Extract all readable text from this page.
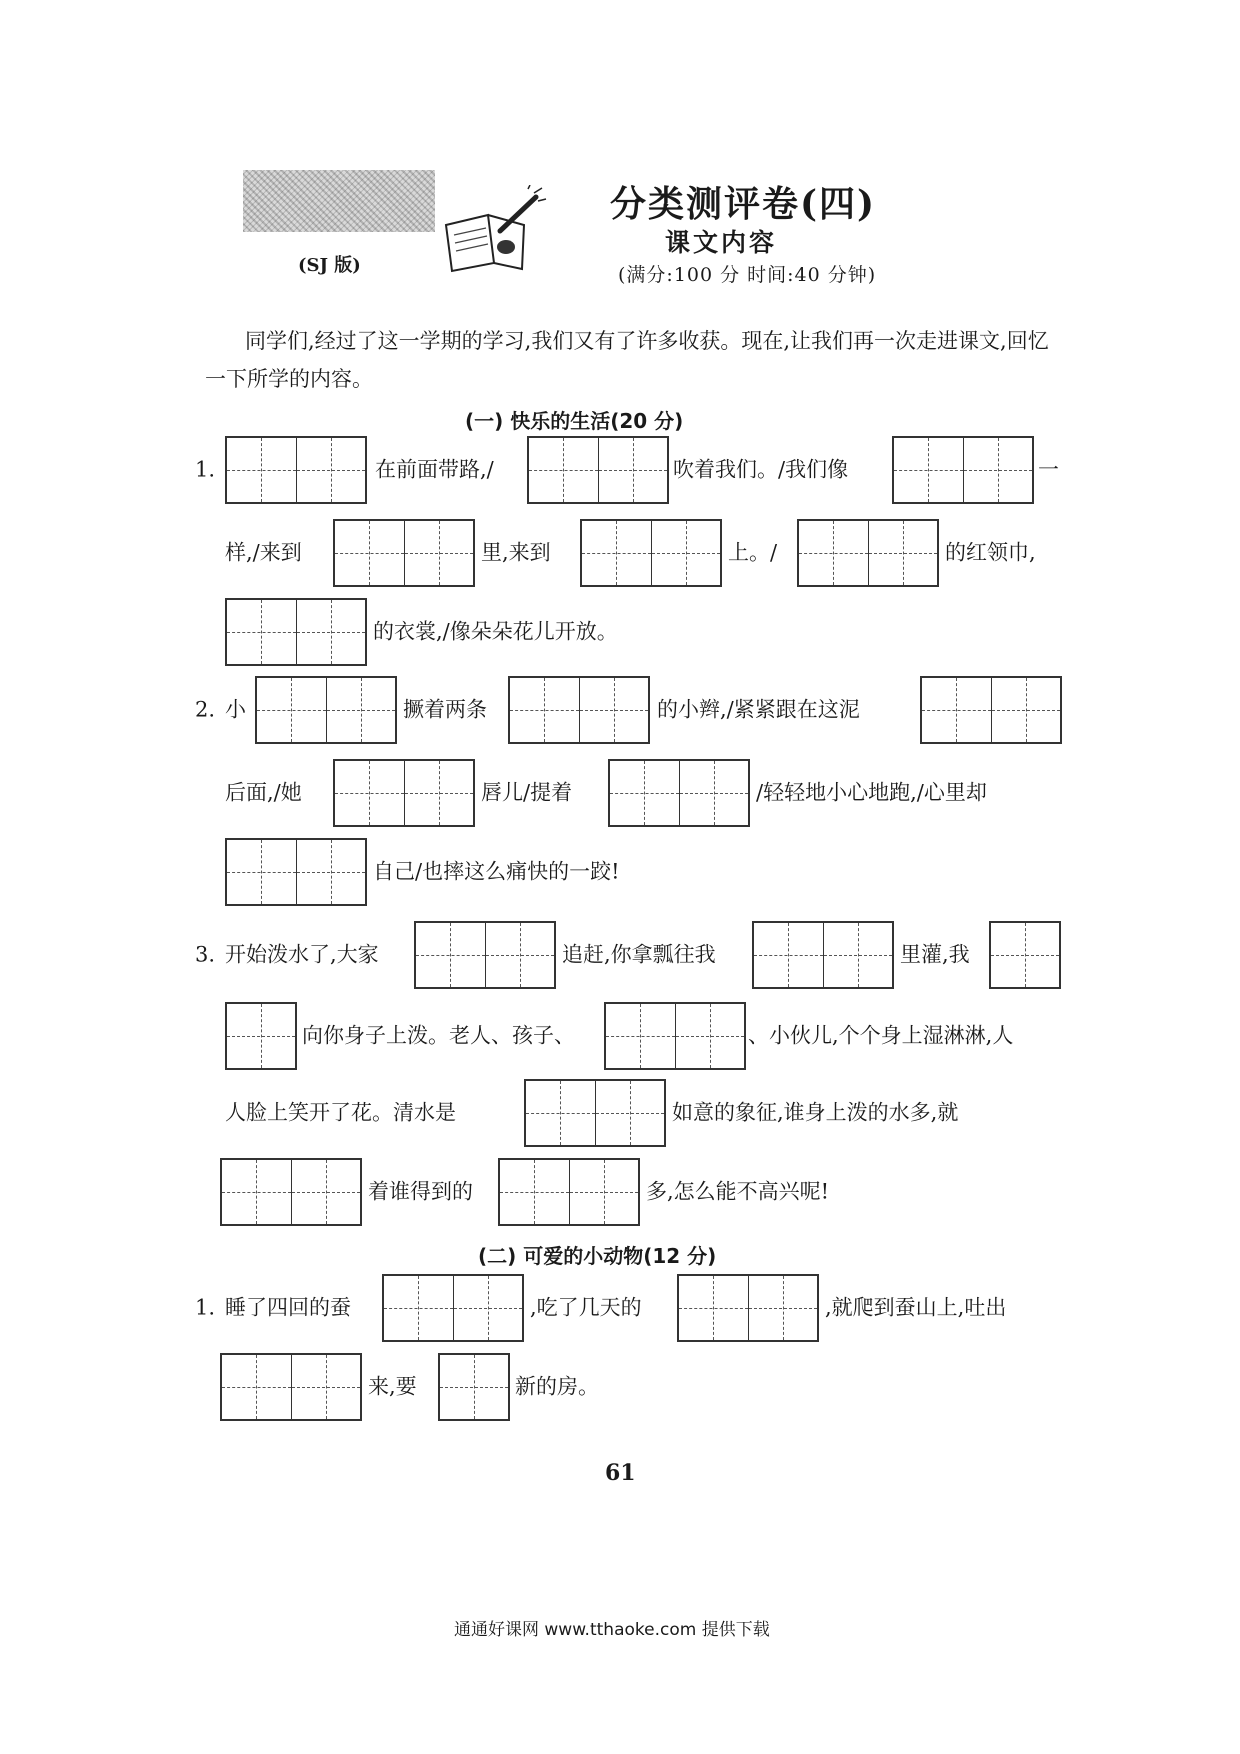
(SJ 版)
分类测评卷(四)
课文内容
(满分:100 分 时间:40 分钟)
同学们,经过了这一学期的学习,我们又有了许多收获。现在,让我们再一次走进课文,回忆一下所学的内容。
(一) 快乐的生活(20 分)
1.	在前面带路,/	吹着我们。/我们像	一
样,/来到	里,来到	上。/	的红领巾,
的衣裳,/像朵朵花儿开放。
2. 小	撅着两条	的小辫,/紧紧跟在这泥
后面,/她	唇儿/提着	/轻轻地小心地跑,/心里却
自己/也摔这么痛快的一跤!
3. 开始泼水了,大家	追赶,你拿瓢往我	里灌,我
向你身子上泼。老人、孩子、	、小伙儿,个个身上湿淋淋,人
人脸上笑开了花。清水是	如意的象征,谁身上泼的水多,就
着谁得到的	多,怎么能不高兴呢!
(二) 可爱的小动物(12 分)
1. 睡了四回的蚕	,吃了几天的	,就爬到蚕山上,吐出
来,要	新的房。
61
通通好课网 www.tthaoke.com 提供下载
